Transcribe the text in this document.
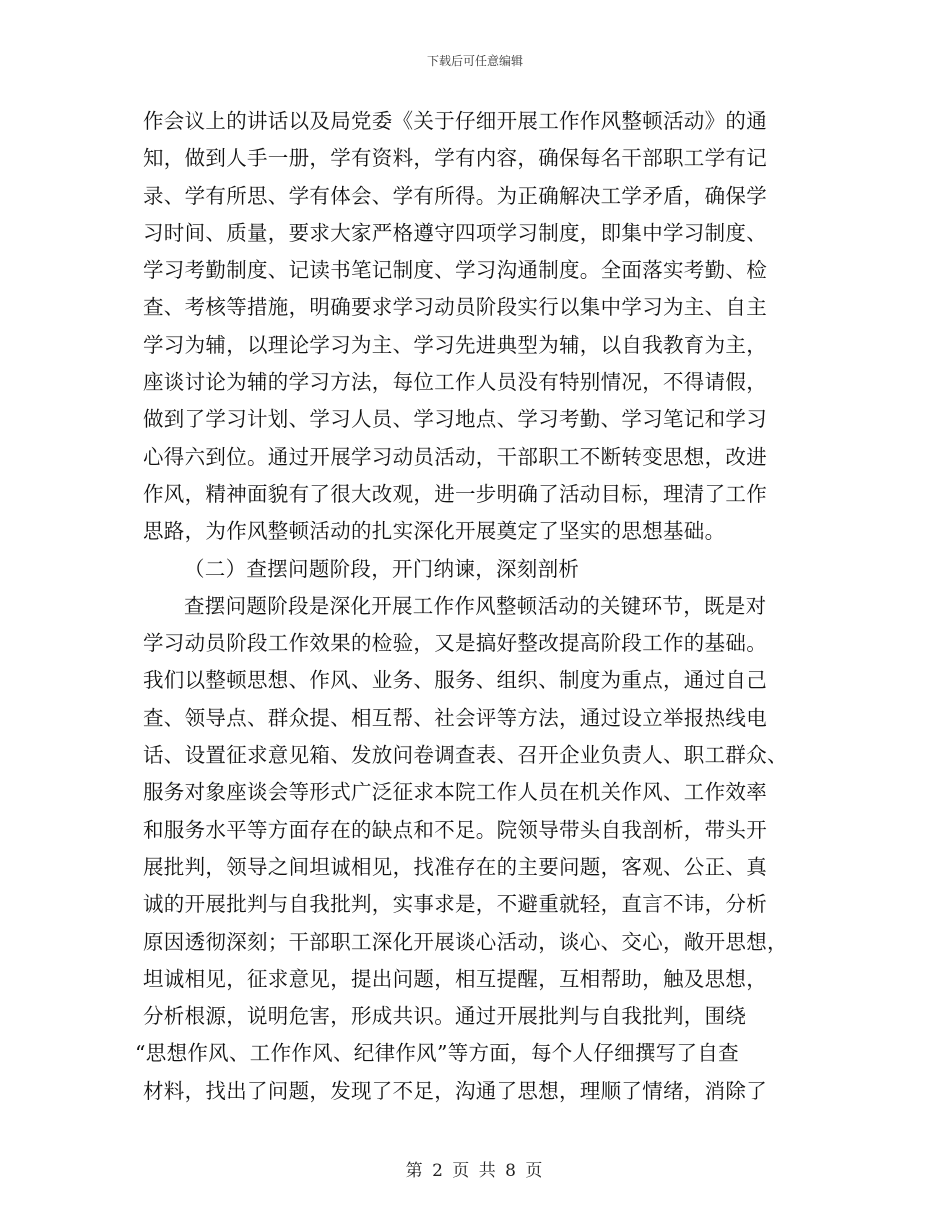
下载后可任意编辑
作会议上的讲话以及局党委《关于仔细开展工作作风整顿活动》的通
知，做到人手一册，学有资料，学有内容，确保每名干部职工学有记
录、学有所思、学有体会、学有所得。为正确解决工学矛盾，确保学
习时间、质量，要求大家严格遵守四项学习制度，即集中学习制度、
学习考勤制度、记读书笔记制度、学习沟通制度。全面落实考勤、检
查、考核等措施，明确要求学习动员阶段实行以集中学习为主、自主
学习为辅，以理论学习为主、学习先进典型为辅，以自我教育为主，
座谈讨论为辅的学习方法，每位工作人员没有特别情况，不得请假，
做到了学习计划、学习人员、学习地点、学习考勤、学习笔记和学习
心得六到位。通过开展学习动员活动，干部职工不断转变思想，改进
作风，精神面貌有了很大改观，进一步明确了活动目标，理清了工作
思路，为作风整顿活动的扎实深化开展奠定了坚实的思想基础。
（二）查摆问题阶段，开门纳谏，深刻剖析
查摆问题阶段是深化开展工作作风整顿活动的关键环节，既是对
学习动员阶段工作效果的检验，又是搞好整改提高阶段工作的基础。
我们以整顿思想、作风、业务、服务、组织、制度为重点，通过自己
查、领导点、群众提、相互帮、社会评等方法，通过设立举报热线电
话、设置征求意见箱、发放问卷调查表、召开企业负责人、职工群众、
服务对象座谈会等形式广泛征求本院工作人员在机关作风、工作效率
和服务水平等方面存在的缺点和不足。院领导带头自我剖析，带头开
展批判，领导之间坦诚相见，找准存在的主要问题，客观、公正、真
诚的开展批判与自我批判，实事求是，不避重就轻，直言不讳，分析
原因透彻深刻；干部职工深化开展谈心活动，谈心、交心，敞开思想，
坦诚相见，征求意见，提出问题，相互提醒，互相帮助，触及思想，
分析根源，说明危害，形成共识。通过开展批判与自我批判，围绕
“思想作风、工作作风、纪律作风”等方面，每个人仔细撰写了自查
材料，找出了问题，发现了不足，沟通了思想，理顺了情绪，消除了
第 2 页 共 8 页
